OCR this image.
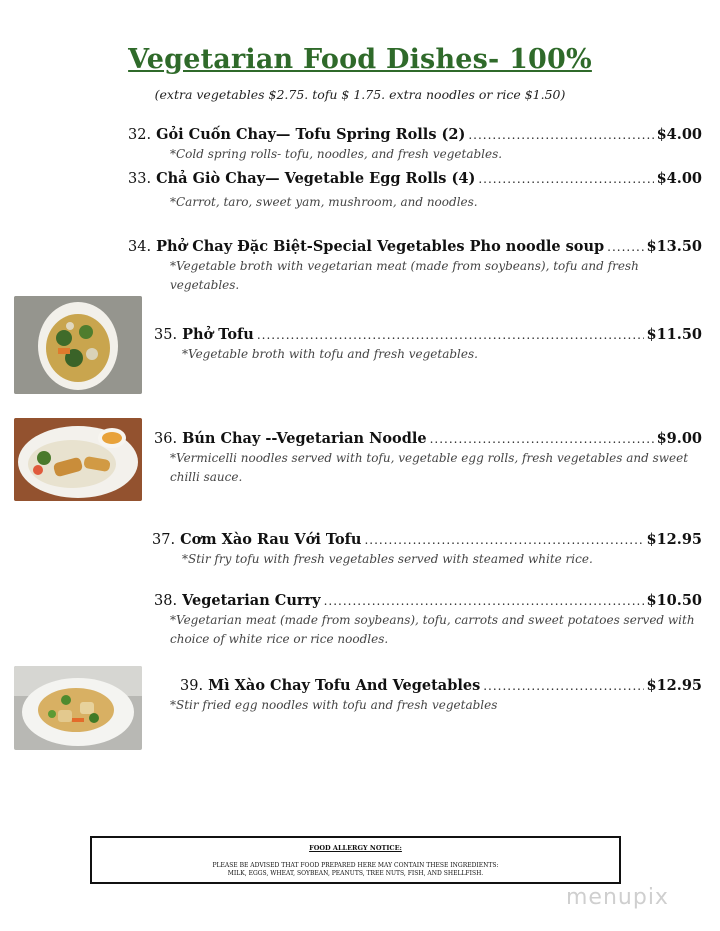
Vegetarian Food Dishes- 100%
(extra vegetables $2.75. tofu $ 1.75. extra noodles or rice $1.50)
32. Gỏi Cuốn Chay— Tofu Spring Rolls (2) .....	$4.00
*Cold spring rolls- tofu, noodles, and fresh vegetables.
33. Chả Giò Chay— Vegetable Egg Rolls (4) .....	$4.00
*Carrot, taro, sweet yam, mushroom, and noodles.
34. Phở Chay Đặc Biệt-Special Vegetables Pho noodle soup .....	$13.50
*Vegetable broth with vegetarian meat (made from soybeans), tofu and fresh vegetables.
35. Phở Tofu .....	$11.50
*Vegetable broth with tofu and fresh vegetables.
36. Bún Chay --Vegetarian Noodle .....	$9.00
*Vermicelli noodles served with tofu, vegetable egg rolls, fresh vegetables and sweet chilli sauce.
37. Cơm Xào Rau Với Tofu .....	$12.95
*Stir fry tofu with fresh vegetables served with steamed white rice.
38. Vegetarian Curry .....	$10.50
*Vegetarian meat (made from soybeans), tofu, carrots and sweet potatoes served with choice of white rice or rice noodles.
39. Mì Xào Chay Tofu And Vegetables .....	$12.95
*Stir fried egg noodles with tofu and fresh vegetables
FOOD ALLERGY NOTICE:
PLEASE BE ADVISED THAT FOOD PREPARED HERE MAY CONTAIN THESE INGREDIENTS:
MILK, EGGS, WHEAT, SOYBEAN, PEANUTS, TREE NUTS, FISH, AND SHELLFISH.
menupix
